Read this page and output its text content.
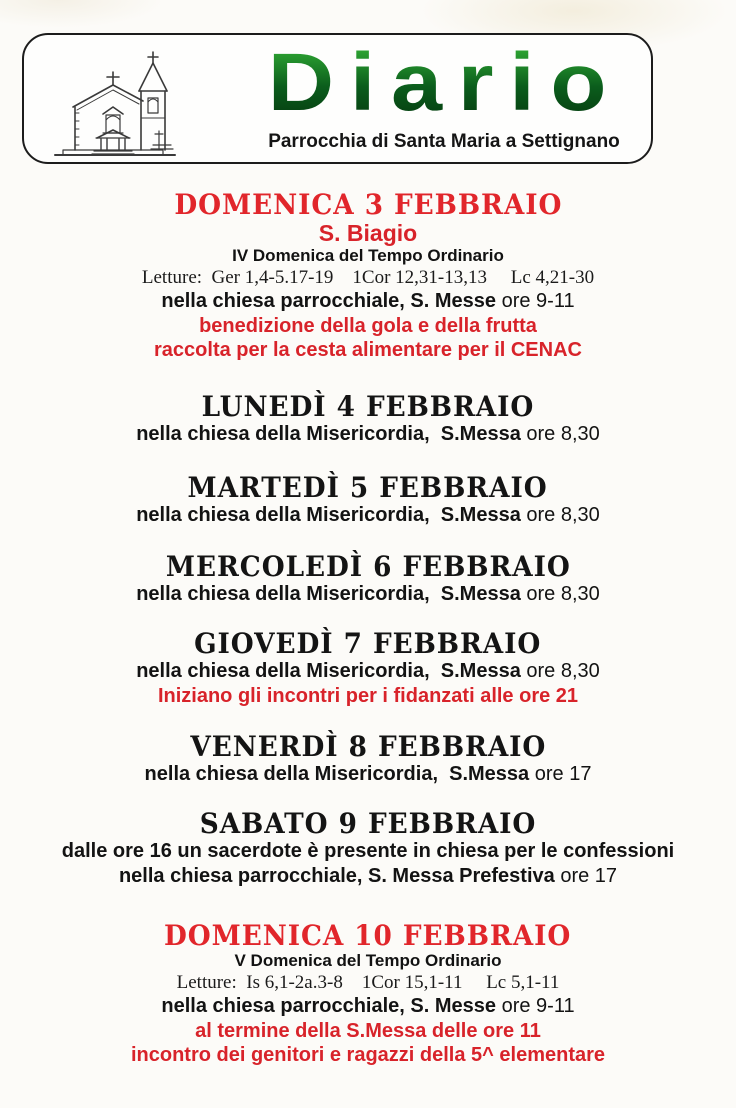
Diario
Parrocchia di Santa Maria a Settignano
DOMENICA 3 FEBBRAIO
S. Biagio
IV Domenica del Tempo Ordinario
Letture:  Ger 1,4-5.17-19    1Cor 12,31-13,13     Lc 4,21-30
nella chiesa parrocchiale, S. Messe ore 9-11
benedizione della gola e della frutta
raccolta per la cesta alimentare per il CENAC
LUNEDÌ 4 FEBBRAIO
nella chiesa della Misericordia,  S.Messa ore 8,30
MARTEDÌ 5 FEBBRAIO
nella chiesa della Misericordia,  S.Messa ore 8,30
MERCOLEDÌ 6 FEBBRAIO
nella chiesa della Misericordia,  S.Messa ore 8,30
GIOVEDÌ 7 FEBBRAIO
nella chiesa della Misericordia,  S.Messa ore 8,30
Iniziano gli incontri per i fidanzati alle ore 21
VENERDÌ 8 FEBBRAIO
nella chiesa della Misericordia,  S.Messa ore 17
SABATO 9 FEBBRAIO
dalle ore 16 un sacerdote è presente in chiesa per le confessioni
nella chiesa parrocchiale, S. Messa Prefestiva ore 17
DOMENICA 10 FEBBRAIO
V Domenica del Tempo Ordinario
Letture:  Is 6,1-2a.3-8    1Cor 15,1-11     Lc 5,1-11
nella chiesa parrocchiale, S. Messe ore 9-11
al termine della S.Messa delle ore 11
incontro dei genitori e ragazzi della 5^ elementare
